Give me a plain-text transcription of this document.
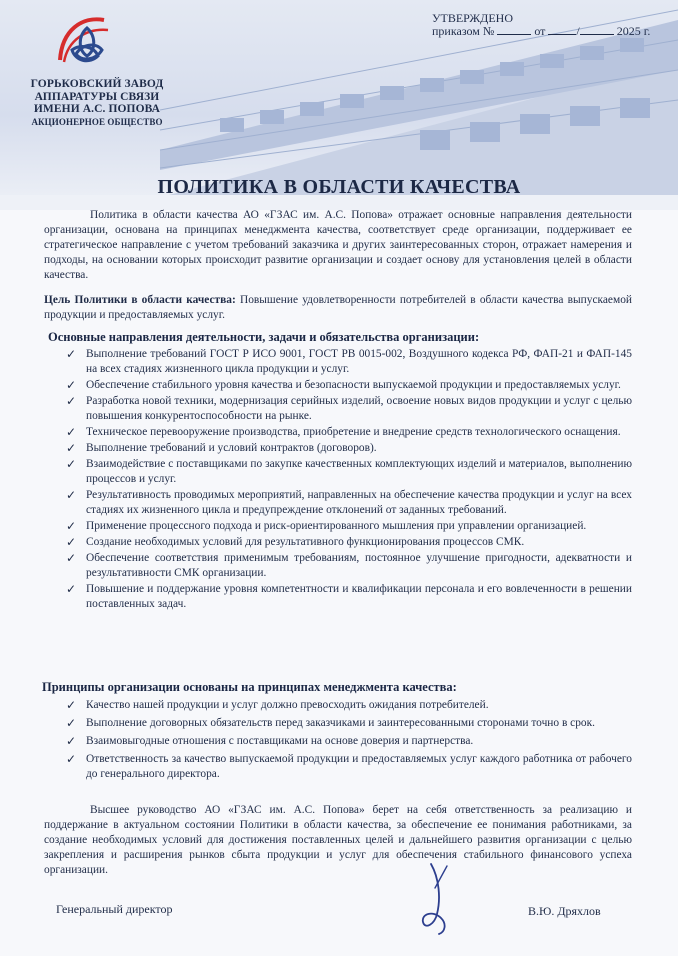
ГОРЬКОВСКИЙ ЗАВОД
АППАРАТУРЫ СВЯЗИ
ИМЕНИ А.С. ПОПОВА
АКЦИОНЕРНОЕ ОБЩЕСТВО
УТВЕРЖДЕНО
приказом №	от	/	2025 г.
ПОЛИТИКА В ОБЛАСТИ КАЧЕСТВА
Политика в области качества АО «ГЗАС им. А.С. Попова» отражает основные направления деятельности организации, основана на принципах менеджмента качества, соответствует среде организации, поддерживает ее стратегическое направление с учетом требований заказчика и других заинтересованных сторон, отражает намерения и подходы, на основании которых происходит развитие организации и создает основу для установления целей в области качества.
Цель Политики в области качества: Повышение удовлетворенности потребителей в области качества выпускаемой продукции и предоставляемых услуг.
Основные направления деятельности, задачи и обязательства организации:
✓ Выполнение требований ГОСТ Р ИСО 9001, ГОСТ РВ 0015-002, Воздушного кодекса РФ, ФАП-21 и ФАП-145 на всех стадиях жизненного цикла продукции и услуг.
✓ Обеспечение стабильного уровня качества и безопасности выпускаемой продукции и предоставляемых услуг.
✓ Разработка новой техники, модернизация серийных изделий, освоение новых видов продукции и услуг с целью повышения конкурентоспособности на рынке.
✓ Техническое перевооружение производства, приобретение и внедрение средств технологического оснащения.
✓ Выполнение требований и условий контрактов (договоров).
✓ Взаимодействие с поставщиками по закупке качественных комплектующих изделий и материалов, выполнению процессов и услуг.
✓ Результативность проводимых мероприятий, направленных на обеспечение качества продукции и услуг на всех стадиях их жизненного цикла и предупреждение отклонений от заданных требований.
✓ Применение процессного подхода и риск-ориентированного мышления при управлении организацией.
✓ Создание необходимых условий для результативного функционирования процессов СМК.
✓ Обеспечение соответствия применимым требованиям, постоянное улучшение пригодности, адекватности и результативности СМК организации.
✓ Повышение и поддержание уровня компетентности и квалификации персонала и его вовлеченности в решении поставленных задач.
Принципы организации основаны на принципах менеджмента качества:
✓ Качество нашей продукции и услуг должно превосходить ожидания потребителей.
✓ Выполнение договорных обязательств перед заказчиками и заинтересованными сторонами точно в срок.
✓ Взаимовыгодные отношения с поставщиками на основе доверия и партнерства.
✓ Ответственность за качество выпускаемой продукции и предоставляемых услуг каждого работника от рабочего до генерального директора.
Высшее руководство АО «ГЗАС им. А.С. Попова» берет на себя ответственность за реализацию и поддержание в актуальном состоянии Политики в области качества, за обеспечение ее понимания работниками, за создание необходимых условий для достижения поставленных целей и дальнейшего развития организации с целью закрепления и расширения рынков сбыта продукции и услуг для обеспечения стабильного финансового успеха организации.
Генеральный директор	В.Ю. Дряхлов
